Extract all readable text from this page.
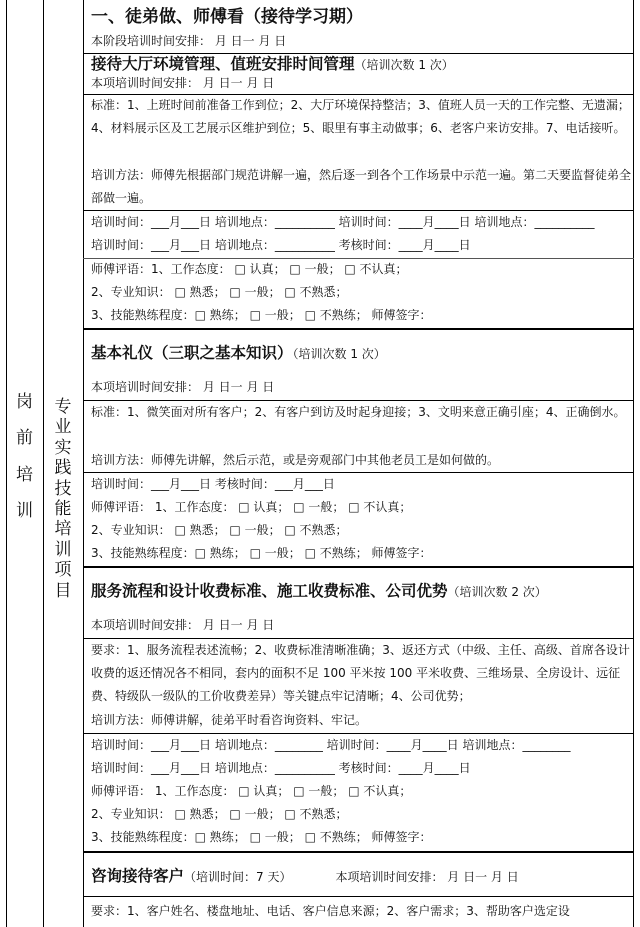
岗
前
培
训
专
业
实
践
技
能
培
训
项
目
一、徒弟做、师傅看（接待学习期）
本阶段培训时间安排： 月 日一 月 日
接待大厅环境管理、值班安排时间管理（培训次数 1 次）
本项培训时间安排： 月 日一 月 日
标准：1、上班时间前准备工作到位；2、大厅环境保持整洁；3、值班人员一天的工作完整、无遗漏；4、材料展示区及工艺展示区维护到位；5、眼里有事主动做事；6、老客户来访安排。7、电话接听。
培训方法：师傅先根据部门规范讲解一遍，然后逐一到各个工作场景中示范一遍。第二天要监督徒弟全部做一遍。
培训时间：___月___日 培训地点：__________ 培训时间：____月____日 培训地点：__________
培训时间：___月___日 培训地点：__________ 考核时间：____月____日
师傅评语：1、工作态度： □ 认真； □ 一般； □ 不认真；
2、专业知识： □ 熟悉； □ 一般； □ 不熟悉；
3、技能熟练程度：□ 熟练； □ 一般； □ 不熟练； 师傅签字：
基本礼仪（三职之基本知识）（培训次数 1 次）
本项培训时间安排： 月 日一 月 日
标准：1、微笑面对所有客户；2、有客户到访及时起身迎接；3、文明来意正确引座；4、正确倒水。
培训方法：师傅先讲解，然后示范，或是旁观部门中其他老员工是如何做的。
培训时间：___月___日 考核时间：___月___日
师傅评语： 1、工作态度： □ 认真； □ 一般； □ 不认真；
2、专业知识： □ 熟悉； □ 一般； □ 不熟悉；
3、技能熟练程度：□ 熟练； □ 一般； □ 不熟练； 师傅签字：
服务流程和设计收费标准、施工收费标准、公司优势（培训次数 2 次）
本项培训时间安排： 月 日一 月 日
要求：1、服务流程表述流畅；2、收费标准清晰准确；3、返还方式（中级、主任、高级、首席各设计收费的返还情况各不相同，套内的面积不足 100 平米按 100 平米收费、三维场景、全房设计、远征费、特级队一级队的工价收费差异）等关键点牢记清晰；4、公司优势；
培训方法：师傅讲解，徒弟平时看咨询资料、牢记。
培训时间：___月___日 培训地点：________ 培训时间：____月____日 培训地点：________
培训时间：___月___日 培训地点：__________ 考核时间：____月____日
师傅评语： 1、工作态度： □ 认真； □ 一般； □ 不认真；
2、专业知识： □ 熟悉； □ 一般； □ 不熟悉；
3、技能熟练程度：□ 熟练； □ 一般； □ 不熟练； 师傅签字：
咨询接待客户（培训时间：7 天）	本项培训时间安排： 月 日一 月 日
要求：1、客户姓名、楼盘地址、电话、客户信息来源；2、客户需求；3、帮助客户选定设
